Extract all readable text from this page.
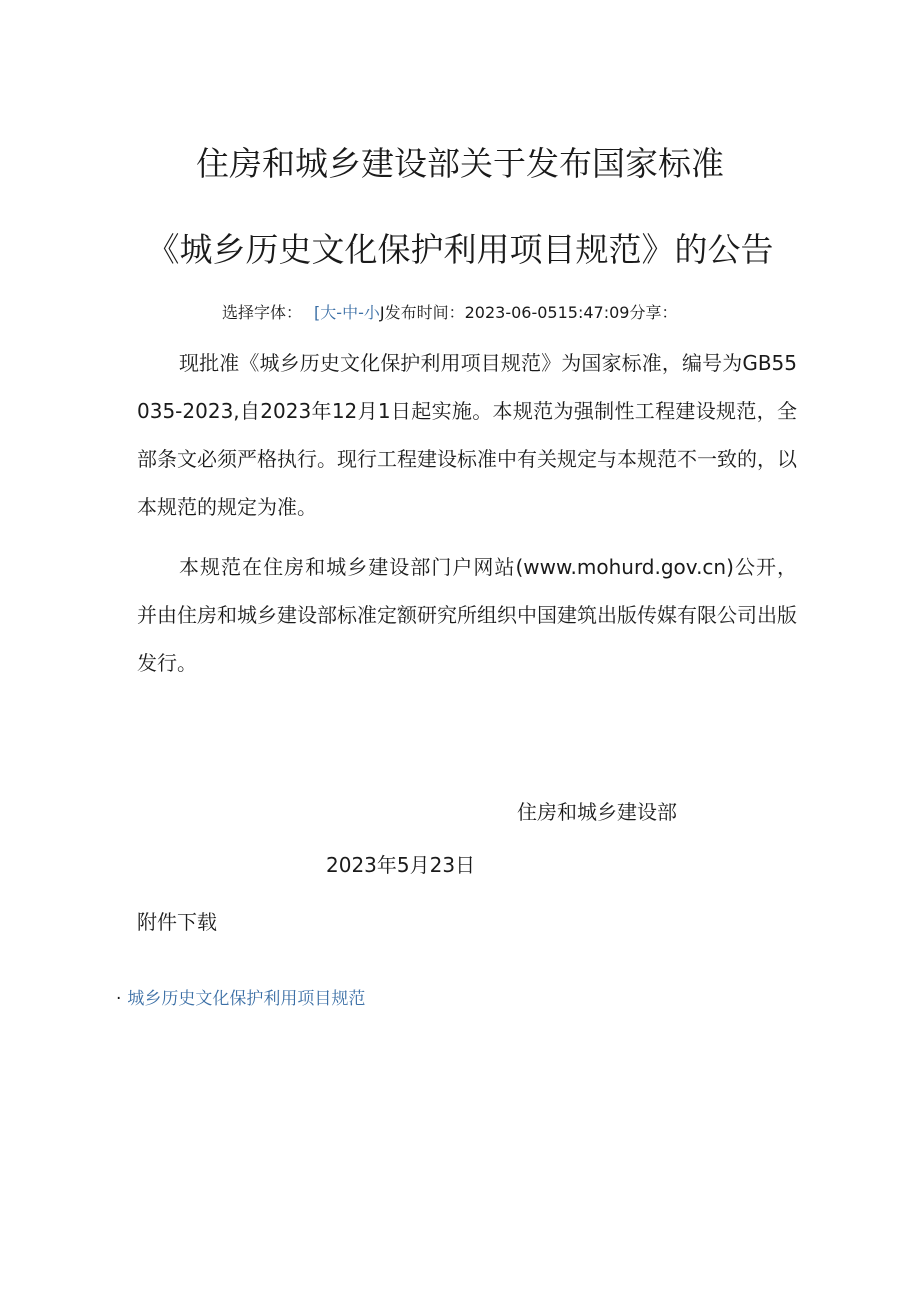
住房和城乡建设部关于发布国家标准
《城乡历史文化保护利用项目规范》的公告
选择字体： [大-中-小J发布时间：2023-06-0515:47:09分享：
现批准《城乡历史文化保护利用项目规范》为国家标准，编号为GB55035-2023,自2023年12月1日起实施。本规范为强制性工程建设规范，全部条文必须严格执行。现行工程建设标准中有关规定与本规范不一致的，以本规范的规定为准。
本规范在住房和城乡建设部门户网站(www.mohurd.gov.cn)公开，并由住房和城乡建设部标准定额研究所组织中国建筑出版传媒有限公司出版发行。
住房和城乡建设部
2023年5月23日
附件下载
· 城乡历史文化保护利用项目规范
